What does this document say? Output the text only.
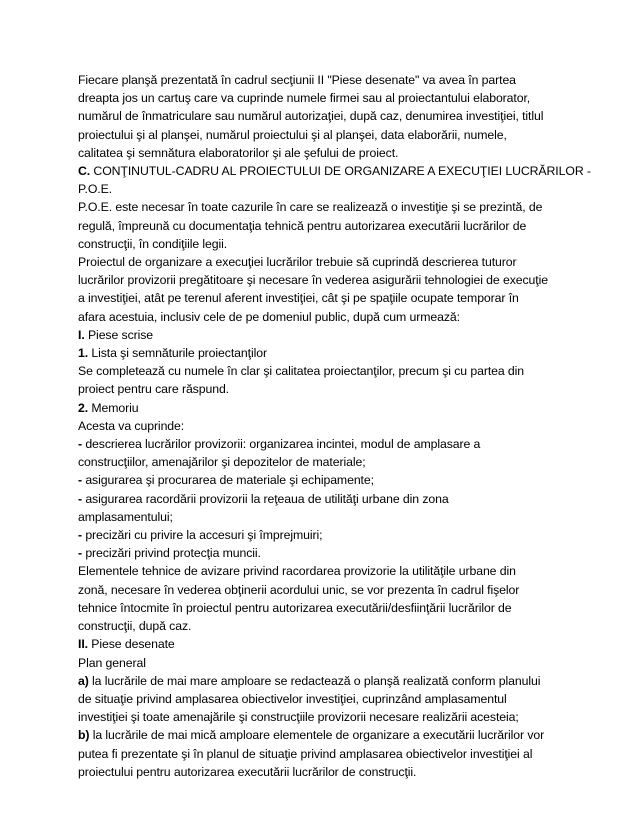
Fiecare planşă prezentată în cadrul secţiunii II "Piese desenate" va avea în partea
dreapta jos un cartuş care va cuprinde numele firmei sau al proiectantului elaborator,
numărul de înmatriculare sau numărul autorizaţiei, după caz, denumirea investiţiei, titlul
proiectului şi al planşei, numărul proiectului şi al planşei, data elaborării, numele,
calitatea şi semnătura elaboratorilor şi ale şefului de proiect.
C. CONŢINUTUL-CADRU AL PROIECTULUI DE ORGANIZARE A EXECUŢIEI LUCRĂRILOR -
P.O.E.
P.O.E. este necesar în toate cazurile în care se realizează o investiţie şi se prezintă, de
regulă, împreună cu documentaţia tehnică pentru autorizarea executării lucrărilor de
construcţii, în condiţiile legii.
Proiectul de organizare a execuţiei lucrărilor trebuie să cuprindă descrierea tuturor
lucrărilor provizorii pregătitoare şi necesare în vederea asigurării tehnologiei de execuţie
a investiţiei, atât pe terenul aferent investiţiei, cât şi pe spaţiile ocupate temporar în
afara acestuia, inclusiv cele de pe domeniul public, după cum urmează:
I. Piese scrise
1. Lista şi semnăturile proiectanţilor
Se completează cu numele în clar şi calitatea proiectanţilor, precum şi cu partea din
proiect pentru care răspund.
2. Memoriu
Acesta va cuprinde:
- descrierea lucrărilor provizorii: organizarea incintei, modul de amplasare a
construcţiilor, amenajărilor şi depozitelor de materiale;
- asigurarea şi procurarea de materiale şi echipamente;
- asigurarea racordării provizorii la reţeaua de utilităţi urbane din zona
amplasamentului;
- precizări cu privire la accesuri şi împrejmuiri;
- precizări privind protecţia muncii.
Elementele tehnice de avizare privind racordarea provizorie la utilităţile urbane din
zonă, necesare în vederea obţinerii acordului unic, se vor prezenta în cadrul fişelor
tehnice întocmite în proiectul pentru autorizarea executării/desfiinţării lucrărilor de
construcţii, după caz.
II. Piese desenate
Plan general
a) la lucrările de mai mare amploare se redactează o planşă realizată conform planului
de situaţie privind amplasarea obiectivelor investiţiei, cuprinzând amplasamentul
investiţiei şi toate amenajările şi construcţiile provizorii necesare realizării acesteia;
b) la lucrările de mai mică amploare elementele de organizare a executării lucrărilor vor
putea fi prezentate şi în planul de situaţie privind amplasarea obiectivelor investiţiei al
proiectului pentru autorizarea executării lucrărilor de construcţii.
